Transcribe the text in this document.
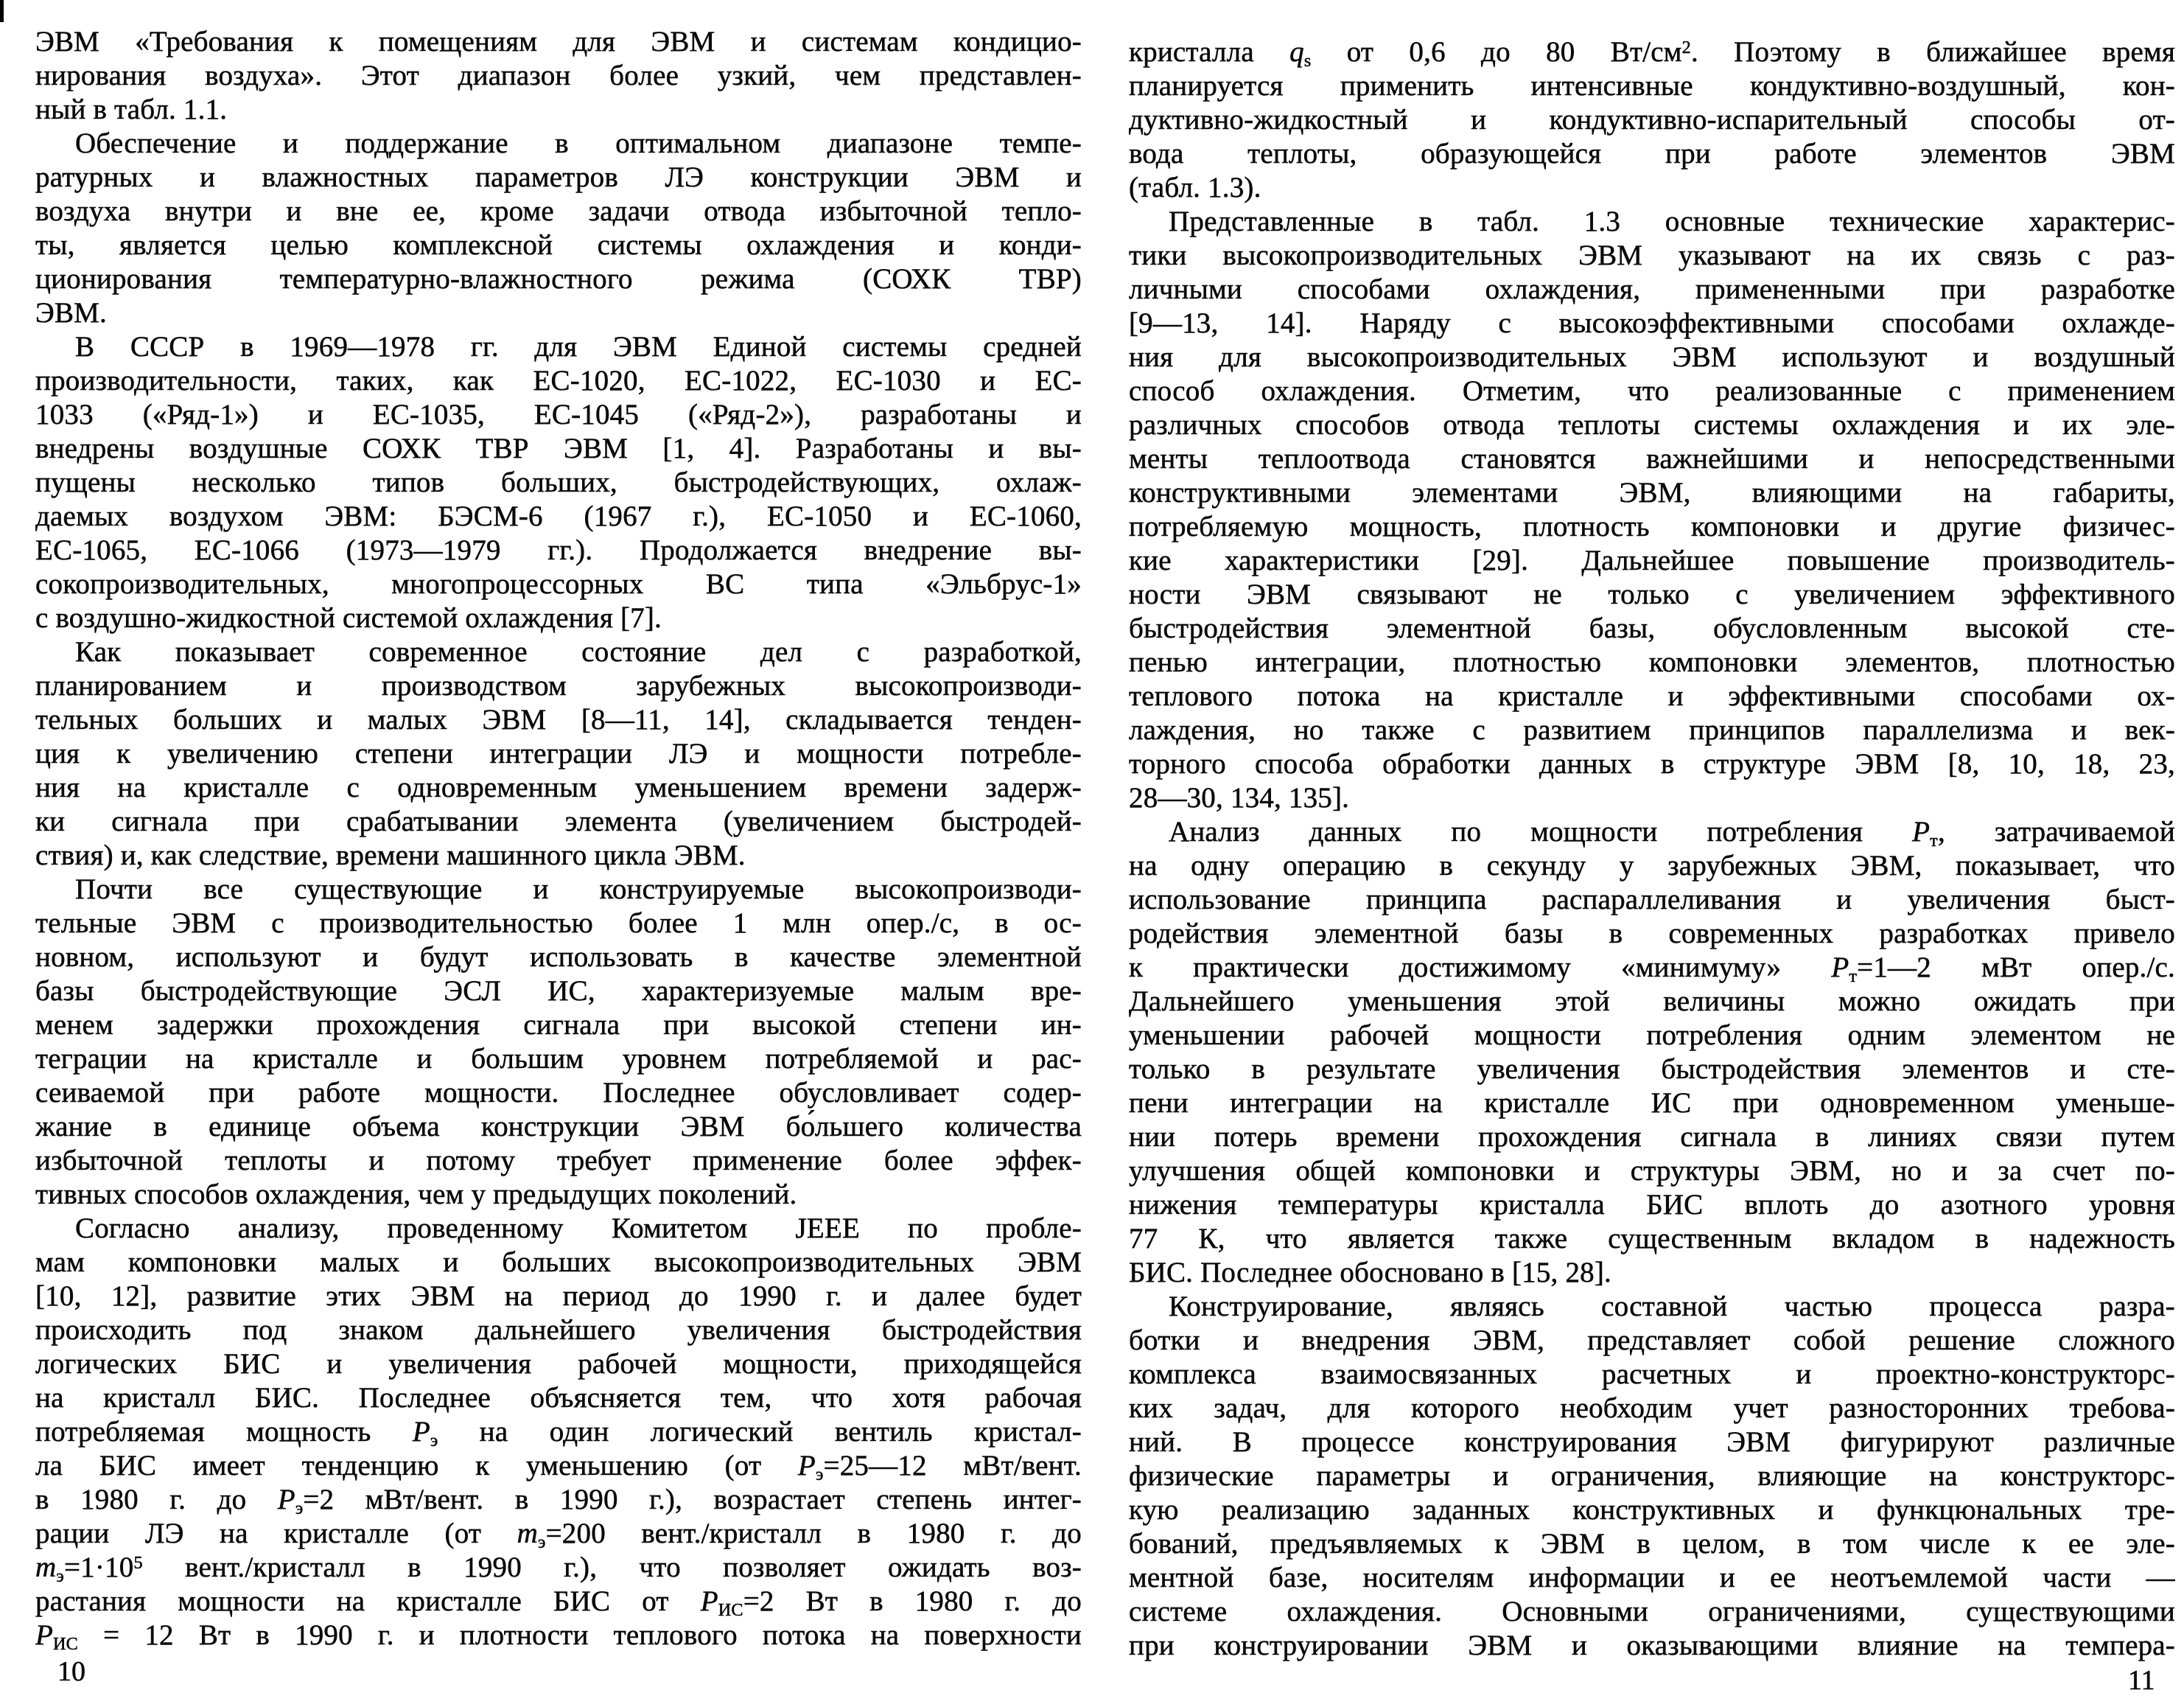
ЭВМ «Требования к помещениям для ЭВМ и системам кондицио-
нирования воздуха». Этот диапазон более узкий, чем представлен-
ный в табл. 1.1.
Обеспечение и поддержание в оптимальном диапазоне темпе-
ратурных и влажностных параметров ЛЭ конструкции ЭВМ и
воздуха внутри и вне ее, кроме задачи отвода избыточной тепло-
ты, является целью комплексной системы охлаждения и конди-
ционирования температурно-влажностного режима (СОХК ТВР)
ЭВМ.
В СССР в 1969—1978 гг. для ЭВМ Единой системы средней
производительности, таких, как ЕС-1020, ЕС-1022, ЕС-1030 и ЕС-
1033 («Ряд-1») и ЕС-1035, ЕС-1045 («Ряд-2»), разработаны и
внедрены воздушные СОХК ТВР ЭВМ [1, 4]. Разработаны и вы-
пущены несколько типов больших, быстродействующих, охлаж-
даемых воздухом ЭВМ: БЭСМ-6 (1967 г.), ЕС-1050 и ЕС-1060,
ЕС-1065, ЕС-1066 (1973—1979 гг.). Продолжается внедрение вы-
сокопроизводительных, многопроцессорных ВС типа «Эльбрус-1»
с воздушно-жидкостной системой охлаждения [7].
Как показывает современное состояние дел с разработкой,
планированием и производством зарубежных высокопроизводи-
тельных больших и малых ЭВМ [8—11, 14], складывается тенден-
ция к увеличению степени интеграции ЛЭ и мощности потребле-
ния на кристалле с одновременным уменьшением времени задерж-
ки сигнала при срабатывании элемента (увеличением быстродей-
ствия) и, как следствие, времени машинного цикла ЭВМ.
Почти все существующие и конструируемые высокопроизводи-
тельные ЭВМ с производительностью более 1 млн опер./с, в ос-
новном, используют и будут использовать в качестве элементной
базы быстродействующие ЭСЛ ИС, характеризуемые малым вре-
менем задержки прохождения сигнала при высокой степени ин-
теграции на кристалле и большим уровнем потребляемой и рас-
сеиваемой при работе мощности. Последнее обусловливает содер-
жание в единице объема конструкции ЭВМ бо́льшего количества
избыточной теплоты и потому требует применение более эффек-
тивных способов охлаждения, чем у предыдущих поколений.
Согласно анализу, проведенному Комитетом JEEE по пробле-
мам компоновки малых и больших высокопроизводительных ЭВМ
[10, 12], развитие этих ЭВМ на период до 1990 г. и далее будет
происходить под знаком дальнейшего увеличения быстродействия
логических БИС и увеличения рабочей мощности, приходящейся
на кристалл БИС. Последнее объясняется тем, что хотя рабочая
потребляемая мощность $Р_э$ на один логический вентиль кристал-
ла БИС имеет тенденцию к уменьшению (от $Р_э=25—12$ мВт/вент.
в 1980 г. до $Р_э=2$ мВт/вент. в 1990 г.), возрастает степень интег-
рации ЛЭ на кристалле (от $m_э=200$ вент./кристалл в 1980 г. до
$m_э=1\cdot 10^5$ вент./кристалл в 1990 г.), что позволяет ожидать воз-
растания мощности на кристалле БИС от $Р_{ИС}=2$ Вт в 1980 г. до
$Р_{ИС} = 12$ Вт в 1990 г. и плотности теплового потока на поверхности
кристалла $q_s$ от 0,6 до 80 $Вт/см^2$. Поэтому в ближайшее время
планируется применить интенсивные кондуктивно-воздушный, кон-
дуктивно-жидкостный и кондуктивно-испарительный способы от-
вода теплоты, образующейся при работе элементов ЭВМ
(табл. 1.3).
Представленные в табл. 1.3 основные технические характерис-
тики высокопроизводительных ЭВМ указывают на их связь с раз-
личными способами охлаждения, примененными при разработке
[9—13, 14]. Наряду с высокоэффективными способами охлажде-
ния для высокопроизводительных ЭВМ используют и воздушный
способ охлаждения. Отметим, что реализованные с применением
различных способов отвода теплоты системы охлаждения и их эле-
менты теплоотвода становятся важнейшими и непосредственными
конструктивными элементами ЭВМ, влияющими на габариты,
потребляемую мощность, плотность компоновки и другие физичес-
кие характеристики [29]. Дальнейшее повышение производитель-
ности ЭВМ связывают не только с увеличением эффективного
быстродействия элементной базы, обусловленным высокой сте-
пенью интеграции, плотностью компоновки элементов, плотностью
теплового потока на кристалле и эффективными способами ох-
лаждения, но также с развитием принципов параллелизма и век-
торного способа обработки данных в структуре ЭВМ [8, 10, 18, 23,
28—30, 134, 135].
Анализ данных по мощности потребления $Р_т$, затрачиваемой
на одну операцию в секунду у зарубежных ЭВМ, показывает, что
использование принципа распараллеливания и увеличения быст-
родействия элементной базы в современных разработках привело
к практически достижимому «минимуму» $Р_т=1—2$ мВт опер./с.
Дальнейшего уменьшения этой величины можно ожидать при
уменьшении рабочей мощности потребления одним элементом не
только в результате увеличения быстродействия элементов и сте-
пени интеграции на кристалле ИС при одновременном уменьше-
нии потерь времени прохождения сигнала в линиях связи путем
улучшения общей компоновки и структуры ЭВМ, но и за счет по-
нижения температуры кристалла БИС вплоть до азотного уровня
77 К, что является также существенным вкладом в надежность
БИС. Последнее обосновано в [15, 28].
Конструирование, являясь составной частью процесса разра-
ботки и внедрения ЭВМ, представляет собой решение сложного
комплекса взаимосвязанных расчетных и проектно-конструкторс-
ких задач, для которого необходим учет разносторонних требова-
ний. В процессе конструирования ЭВМ фигурируют различные
физические параметры и ограничения, влияющие на конструкторс-
кую реализацию заданных конструктивных и функцюнальных тре-
бований, предъявляемых к ЭВМ в целом, в том числе к ее эле-
ментной базе, носителям информации и ее неотъемлемой части —
системе охлаждения. Основными ограничениями, существующими
при конструировании ЭВМ и оказывающими влияние на темпера-
10	11
